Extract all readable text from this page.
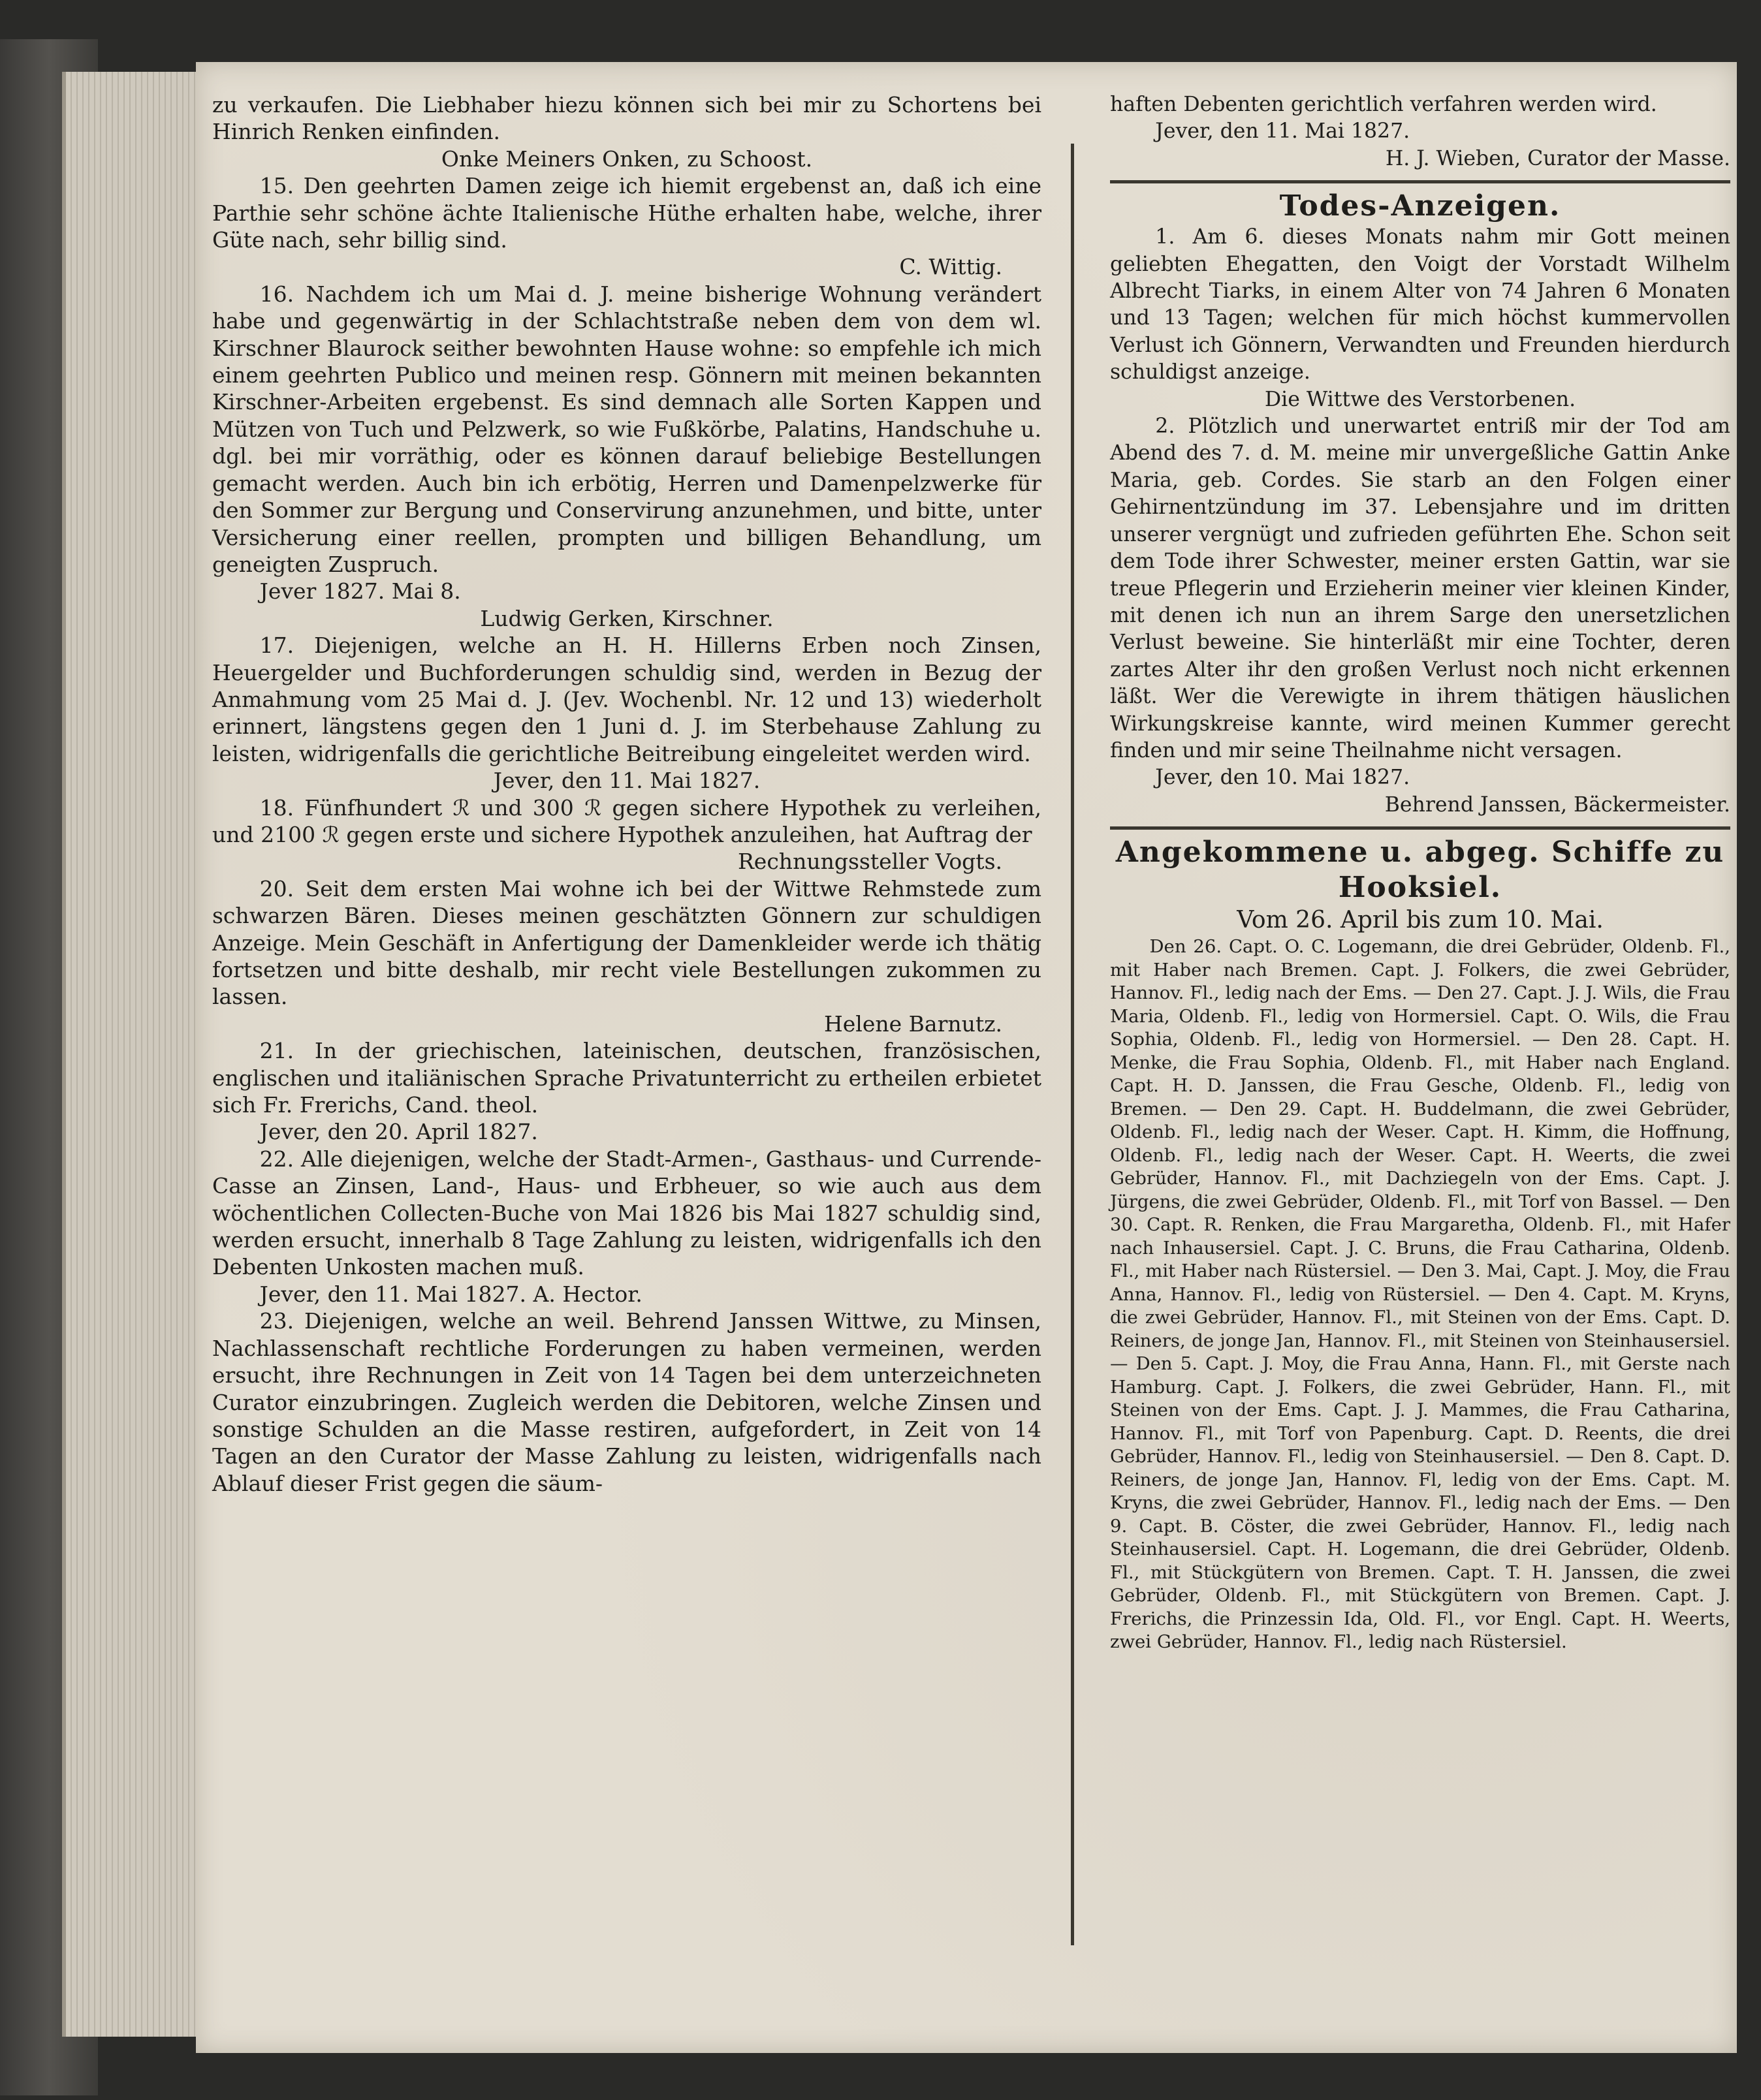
zu verkaufen. Die Liebhaber hiezu können sich bei mir zu Schortens bei Hinrich Renken einfinden.

Onke Meiners Onken, zu Schoost.

15. Den geehrten Damen zeige ich hiemit ergebenst an, daß ich eine Parthie sehr schöne ächte Italienische Hüthe erhalten habe, welche, ihrer Güte nach, sehr billig sind.

C. Wittig.

16. Nachdem ich um Mai d. J. meine bisherige Wohnung verändert habe und gegenwärtig in der Schlachtstraße neben dem von dem wl. Kirschner Blaurock seither bewohnten Hause wohne: so empfehle ich mich einem geehrten Publico und meinen resp. Gönnern mit meinen bekannten Kirschner-Arbeiten ergebenst. Es sind demnach alle Sorten Kappen und Mützen von Tuch und Pelzwerk, so wie Fußkörbe, Palatins, Handschuhe u. dgl. bei mir vorräthig, oder es können darauf beliebige Bestellungen gemacht werden. Auch bin ich erbötig, Herren und Damenpelzwerke für den Sommer zur Bergung und Conservirung anzunehmen, und bitte, unter Versicherung einer reellen, prompten und billigen Behandlung, um geneigten Zuspruch.

Jever 1827. Mai 8.

Ludwig Gerken, Kirschner.

17. Diejenigen, welche an H. H. Hillerns Erben noch Zinsen, Heuergelder und Buchforderungen schuldig sind, werden in Bezug der Anmahmung vom 25 Mai d. J. (Jev. Wochenbl. Nr. 12 und 13) wiederholt erinnert, längstens gegen den 1 Juni d. J. im Sterbehause Zahlung zu leisten, widrigenfalls die gerichtliche Beitreibung eingeleitet werden wird.

Jever, den 11. Mai 1827.

18. Fünfhundert ℛ und 300 ℛ gegen sichere Hypothek zu verleihen, und 2100 ℛ gegen erste und sichere Hypothek anzuleihen, hat Auftrag der

Rechnungssteller Vogts.

20. Seit dem ersten Mai wohne ich bei der Wittwe Rehmstede zum schwarzen Bären. Dieses meinen geschätzten Gönnern zur schuldigen Anzeige. Mein Geschäft in Anfertigung der Damenkleider werde ich thätig fortsetzen und bitte deshalb, mir recht viele Bestellungen zukommen zu lassen.

Helene Barnutz.

21. In der griechischen, lateinischen, deutschen, französischen, englischen und italiänischen Sprache Privatunterricht zu ertheilen erbietet sich Fr. Frerichs, Cand. theol.

Jever, den 20. April 1827.

22. Alle diejenigen, welche der Stadt-Armen-, Gasthaus- und Currende-Casse an Zinsen, Land-, Haus- und Erbheuer, so wie auch aus dem wöchentlichen Collecten-Buche von Mai 1826 bis Mai 1827 schuldig sind, werden ersucht, innerhalb 8 Tage Zahlung zu leisten, widrigenfalls ich den Debenten Unkosten machen muß.

Jever, den 11. Mai 1827. A. Hector.

23. Diejenigen, welche an weil. Behrend Janssen Wittwe, zu Minsen, Nachlassenschaft rechtliche Forderungen zu haben vermeinen, werden ersucht, ihre Rechnungen in Zeit von 14 Tagen bei dem unterzeichneten Curator einzubringen. Zugleich werden die Debitoren, welche Zinsen und sonstige Schulden an die Masse restiren, aufgefordert, in Zeit von 14 Tagen an den Curator der Masse Zahlung zu leisten, widrigenfalls nach Ablauf dieser Frist gegen die säum-

haften Debenten gerichtlich verfahren werden wird.

Jever, den 11. Mai 1827.

H. J. Wieben, Curator der Masse.

Todes-Anzeigen.

1. Am 6. dieses Monats nahm mir Gott meinen geliebten Ehegatten, den Voigt der Vorstadt Wilhelm Albrecht Tiarks, in einem Alter von 74 Jahren 6 Monaten und 13 Tagen; welchen für mich höchst kummervollen Verlust ich Gönnern, Verwandten und Freunden hierdurch schuldigst anzeige.

Die Wittwe des Verstorbenen.

2. Plötzlich und unerwartet entriß mir der Tod am Abend des 7. d. M. meine mir unvergeßliche Gattin Anke Maria, geb. Cordes. Sie starb an den Folgen einer Gehirnentzündung im 37. Lebensjahre und im dritten unserer vergnügt und zufrieden geführten Ehe. Schon seit dem Tode ihrer Schwester, meiner ersten Gattin, war sie treue Pflegerin und Erzieherin meiner vier kleinen Kinder, mit denen ich nun an ihrem Sarge den unersetzlichen Verlust beweine. Sie hinterläßt mir eine Tochter, deren zartes Alter ihr den großen Verlust noch nicht erkennen läßt. Wer die Verewigte in ihrem thätigen häuslichen Wirkungskreise kannte, wird meinen Kummer gerecht finden und mir seine Theilnahme nicht versagen.

Jever, den 10. Mai 1827.

Behrend Janssen, Bäckermeister.

Angekommene u. abgeg. Schiffe zu Hooksiel.

Vom 26. April bis zum 10. Mai.

Den 26. Capt. O. C. Logemann, die drei Gebrüder, Oldenb. Fl., mit Haber nach Bremen. Capt. J. Folkers, die zwei Gebrüder, Hannov. Fl., ledig nach der Ems. — Den 27. Capt. J. J. Wils, die Frau Maria, Oldenb. Fl., ledig von Hormersiel. Capt. O. Wils, die Frau Sophia, Oldenb. Fl., ledig von Hormersiel. — Den 28. Capt. H. Menke, die Frau Sophia, Oldenb. Fl., mit Haber nach England. Capt. H. D. Janssen, die Frau Gesche, Oldenb. Fl., ledig von Bremen. — Den 29. Capt. H. Buddelmann, die zwei Gebrüder, Oldenb. Fl., ledig nach der Weser. Capt. H. Kimm, die Hoffnung, Oldenb. Fl., ledig nach der Weser. Capt. H. Weerts, die zwei Gebrüder, Hannov. Fl., mit Dachziegeln von der Ems. Capt. J. Jürgens, die zwei Gebrüder, Oldenb. Fl., mit Torf von Bassel. — Den 30. Capt. R. Renken, die Frau Margaretha, Oldenb. Fl., mit Hafer nach Inhausersiel. Capt. J. C. Bruns, die Frau Catharina, Oldenb. Fl., mit Haber nach Rüstersiel. — Den 3. Mai, Capt. J. Moy, die Frau Anna, Hannov. Fl., ledig von Rüstersiel. — Den 4. Capt. M. Kryns, die zwei Gebrüder, Hannov. Fl., mit Steinen von der Ems. Capt. D. Reiners, de jonge Jan, Hannov. Fl., mit Steinen von Steinhausersiel. — Den 5. Capt. J. Moy, die Frau Anna, Hann. Fl., mit Gerste nach Hamburg. Capt. J. Folkers, die zwei Gebrüder, Hann. Fl., mit Steinen von der Ems. Capt. J. J. Mammes, die Frau Catharina, Hannov. Fl., mit Torf von Papenburg. Capt. D. Reents, die drei Gebrüder, Hannov. Fl., ledig von Steinhausersiel. — Den 8. Capt. D. Reiners, de jonge Jan, Hannov. Fl, ledig von der Ems. Capt. M. Kryns, die zwei Gebrüder, Hannov. Fl., ledig nach der Ems. — Den 9. Capt. B. Cöster, die zwei Gebrüder, Hannov. Fl., ledig nach Steinhausersiel. Capt. H. Logemann, die drei Gebrüder, Oldenb. Fl., mit Stückgütern von Bremen. Capt. T. H. Janssen, die zwei Gebrüder, Oldenb. Fl., mit Stückgütern von Bremen. Capt. J. Frerichs, die Prinzessin Ida, Old. Fl., vor Engl. Capt. H. Weerts, zwei Gebrüder, Hannov. Fl., ledig nach Rüstersiel.
